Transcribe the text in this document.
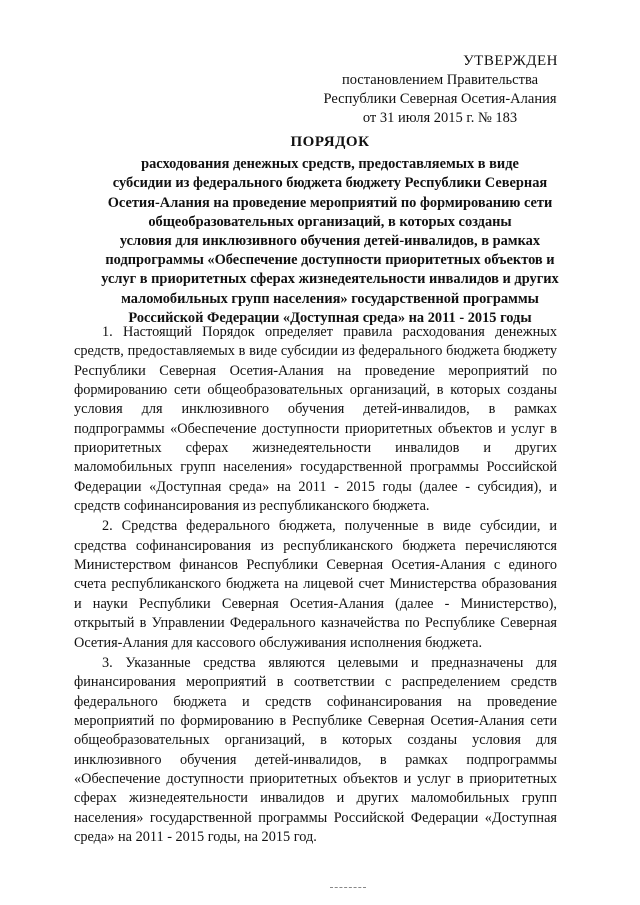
УТВЕРЖДЕН
постановлением Правительства
Республики Северная Осетия-Алания
от 31 июля 2015 г. № 183
ПОРЯДОК
расходования денежных средств, предоставляемых в виде
субсидии из федерального бюджета бюджету Республики Северная
Осетия-Алания на проведение мероприятий по формированию сети
общеобразовательных организаций, в которых созданы
условия для инклюзивного обучения детей-инвалидов, в рамках
подпрограммы «Обеспечение доступности приоритетных объектов и
услуг в приоритетных сферах жизнедеятельности инвалидов и других
маломобильных групп населения» государственной программы
Российской Федерации «Доступная среда» на 2011 - 2015 годы

1. Настоящий Порядок определяет правила расходования денежных средств, предоставляемых в виде субсидии из федерального бюджета бюджету Республики Северная Осетия-Алания на проведение мероприятий по формированию сети общеобразовательных организаций, в которых созданы условия для инклюзивного обучения детей-инвалидов, в рамках подпрограммы «Обеспечение доступности приоритетных объектов и услуг в приоритетных сферах жизнедеятельности инвалидов и других маломобильных групп населения» государственной программы Российской Федерации «Доступная среда» на 2011 - 2015 годы (далее - субсидия), и средств софинансирования из республиканского бюджета.

2. Средства федерального бюджета, полученные в виде субсидии, и средства софинансирования из республиканского бюджета перечисляются Министерством финансов Республики Северная Осетия-Алания с единого счета республиканского бюджета на лицевой счет Министерства образования и науки Республики Северная Осетия-Алания (далее - Министерство), открытый в Управлении Федерального казначейства по Республике Северная Осетия-Алания для кассового обслуживания исполнения бюджета.

3. Указанные средства являются целевыми и предназначены для финансирования мероприятий в соответствии с распределением средств федерального бюджета и средств софинансирования на проведение мероприятий по формированию в Республике Северная Осетия-Алания сети общеобразовательных организаций, в которых созданы условия для инклюзивного обучения детей-инвалидов, в рамках подпрограммы «Обеспечение доступности приоритетных объектов и услуг в приоритетных сферах жизнедеятельности инвалидов и других маломобильных групп населения» государственной программы Российской Федерации «Доступная среда» на 2011 - 2015 годы, на 2015 год.
